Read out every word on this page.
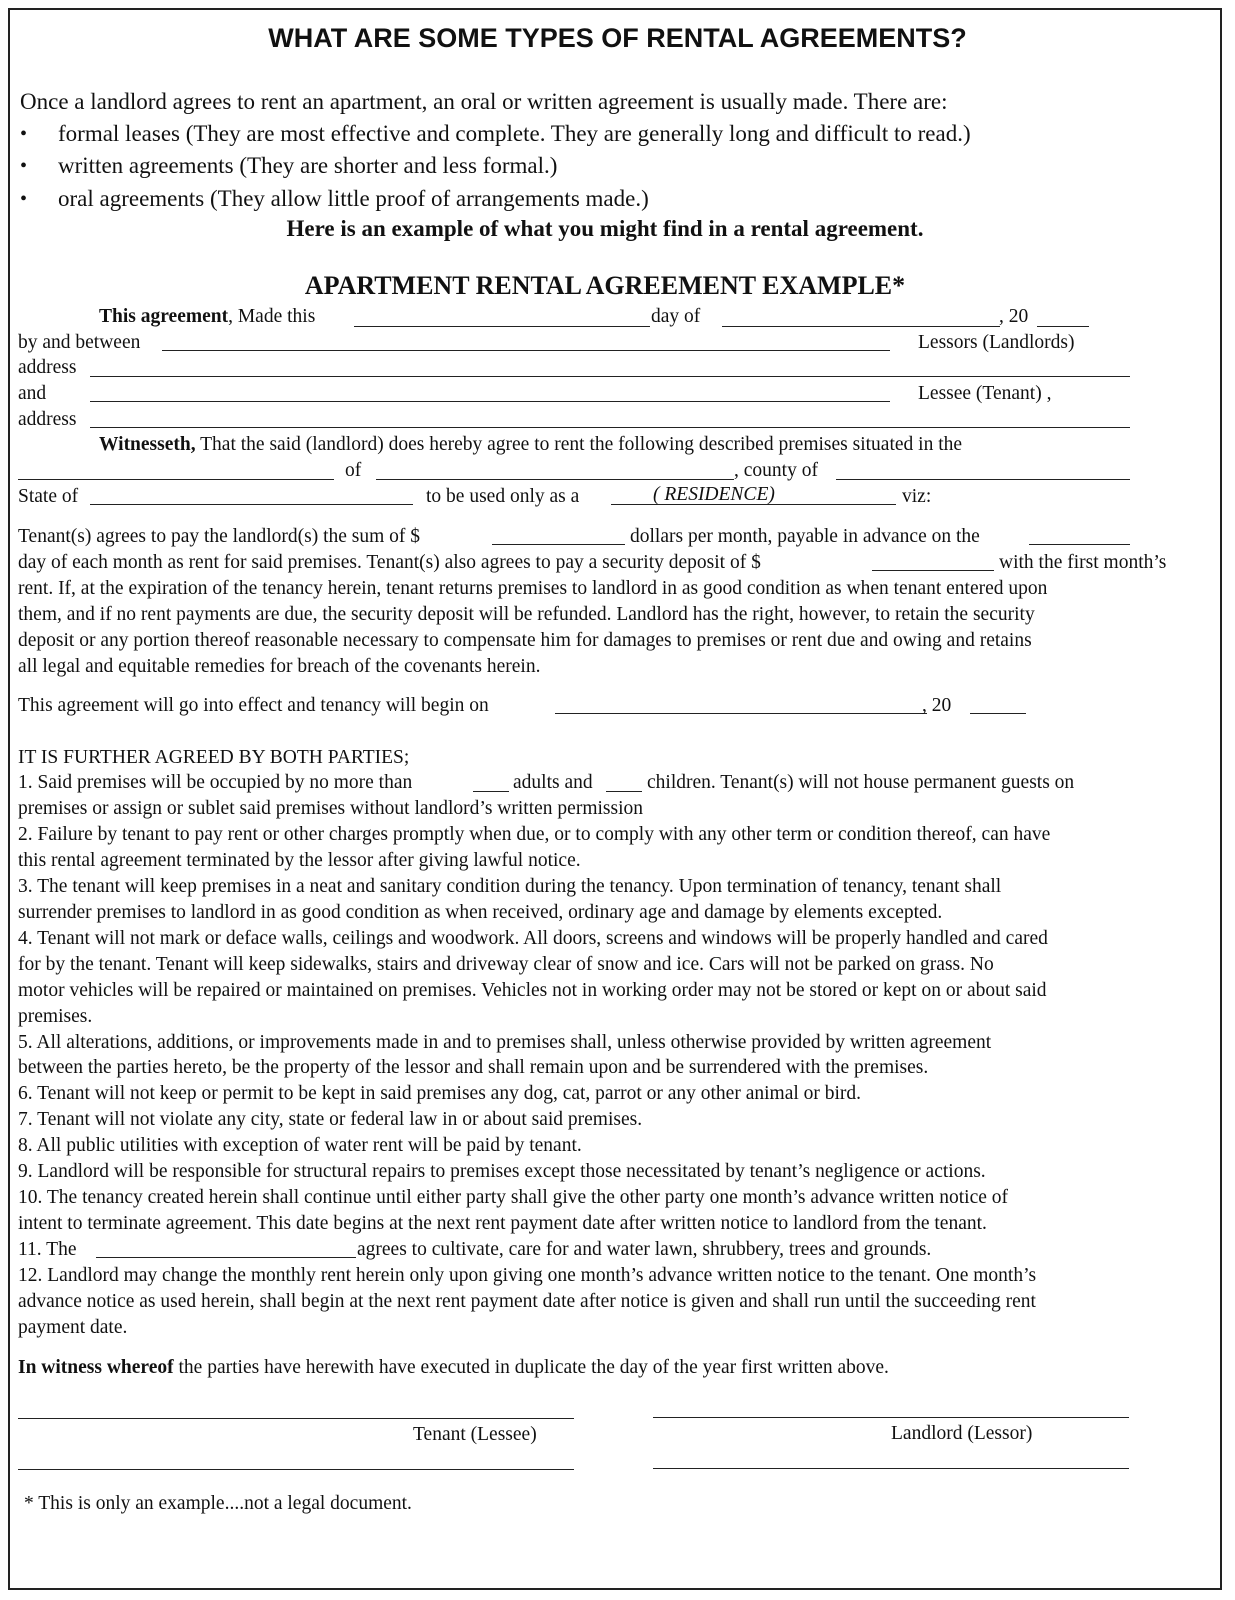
WHAT ARE SOME TYPES OF RENTAL AGREEMENTS?
Once a landlord agrees to rent an apartment, an oral or written agreement is usually made. There are:
• formal leases (They are most effective and complete. They are generally long and difficult to read.)
• written agreements (They are shorter and less formal.)
• oral agreements (They allow little proof of arrangements made.)
Here is an example of what you might find in a rental agreement.
APARTMENT RENTAL AGREEMENT EXAMPLE*
This agreement, Made this	day of	, 20
by and between	Lessors (Landlords)
address
and	Lessee (Tenant) ,
address
Witnesseth, That the said (landlord) does hereby agree to rent the following described premises situated in the
of	, county of
State of	to be used only as a	( RESIDENCE)	viz:
Tenant(s) agrees to pay the landlord(s) the sum of $	dollars per month, payable in advance on the
day of each month as rent for said premises. Tenant(s) also agrees to pay a security deposit of $	with the first month’s
rent. If, at the expiration of the tenancy herein, tenant returns premises to landlord in as good condition as when tenant entered upon
them, and if no rent payments are due, the security deposit will be refunded. Landlord has the right, however, to retain the security
deposit or any portion thereof reasonable necessary to compensate him for damages to premises or rent due and owing and retains
all legal and equitable remedies for breach of the covenants herein.
This agreement will go into effect and tenancy will begin on	, 20
IT IS FURTHER AGREED BY BOTH PARTIES;
1. Said premises will be occupied by no more than	adults and	children. Tenant(s) will not house permanent guests on
premises or assign or sublet said premises without landlord’s written permission
2. Failure by tenant to pay rent or other charges promptly when due, or to comply with any other term or condition thereof, can have
this rental agreement terminated by the lessor after giving lawful notice.
3. The tenant will keep premises in a neat and sanitary condition during the tenancy. Upon termination of tenancy, tenant shall
surrender premises to landlord in as good condition as when received, ordinary age and damage by elements excepted.
4. Tenant will not mark or deface walls, ceilings and woodwork. All doors, screens and windows will be properly handled and cared
for by the tenant. Tenant will keep sidewalks, stairs and driveway clear of snow and ice. Cars will not be parked on grass. No
motor vehicles will be repaired or maintained on premises. Vehicles not in working order may not be stored or kept on or about said
premises.
5. All alterations, additions, or improvements made in and to premises shall, unless otherwise provided by written agreement
between the parties hereto, be the property of the lessor and shall remain upon and be surrendered with the premises.
6. Tenant will not keep or permit to be kept in said premises any dog, cat, parrot or any other animal or bird.
7. Tenant will not violate any city, state or federal law in or about said premises.
8. All public utilities with exception of water rent will be paid by tenant.
9. Landlord will be responsible for structural repairs to premises except those necessitated by tenant’s negligence or actions.
10. The tenancy created herein shall continue until either party shall give the other party one month’s advance written notice of
intent to terminate agreement. This date begins at the next rent payment date after written notice to landlord from the tenant.
11. The	agrees to cultivate, care for and water lawn, shrubbery, trees and grounds.
12. Landlord may change the monthly rent herein only upon giving one month’s advance written notice to the tenant. One month’s
advance notice as used herein, shall begin at the next rent payment date after notice is given and shall run until the succeeding rent
payment date.
In witness whereof the parties have herewith have executed in duplicate the day of the year first written above.
Tenant (Lessee)	Landlord (Lessor)
* This is only an example....not a legal document.
